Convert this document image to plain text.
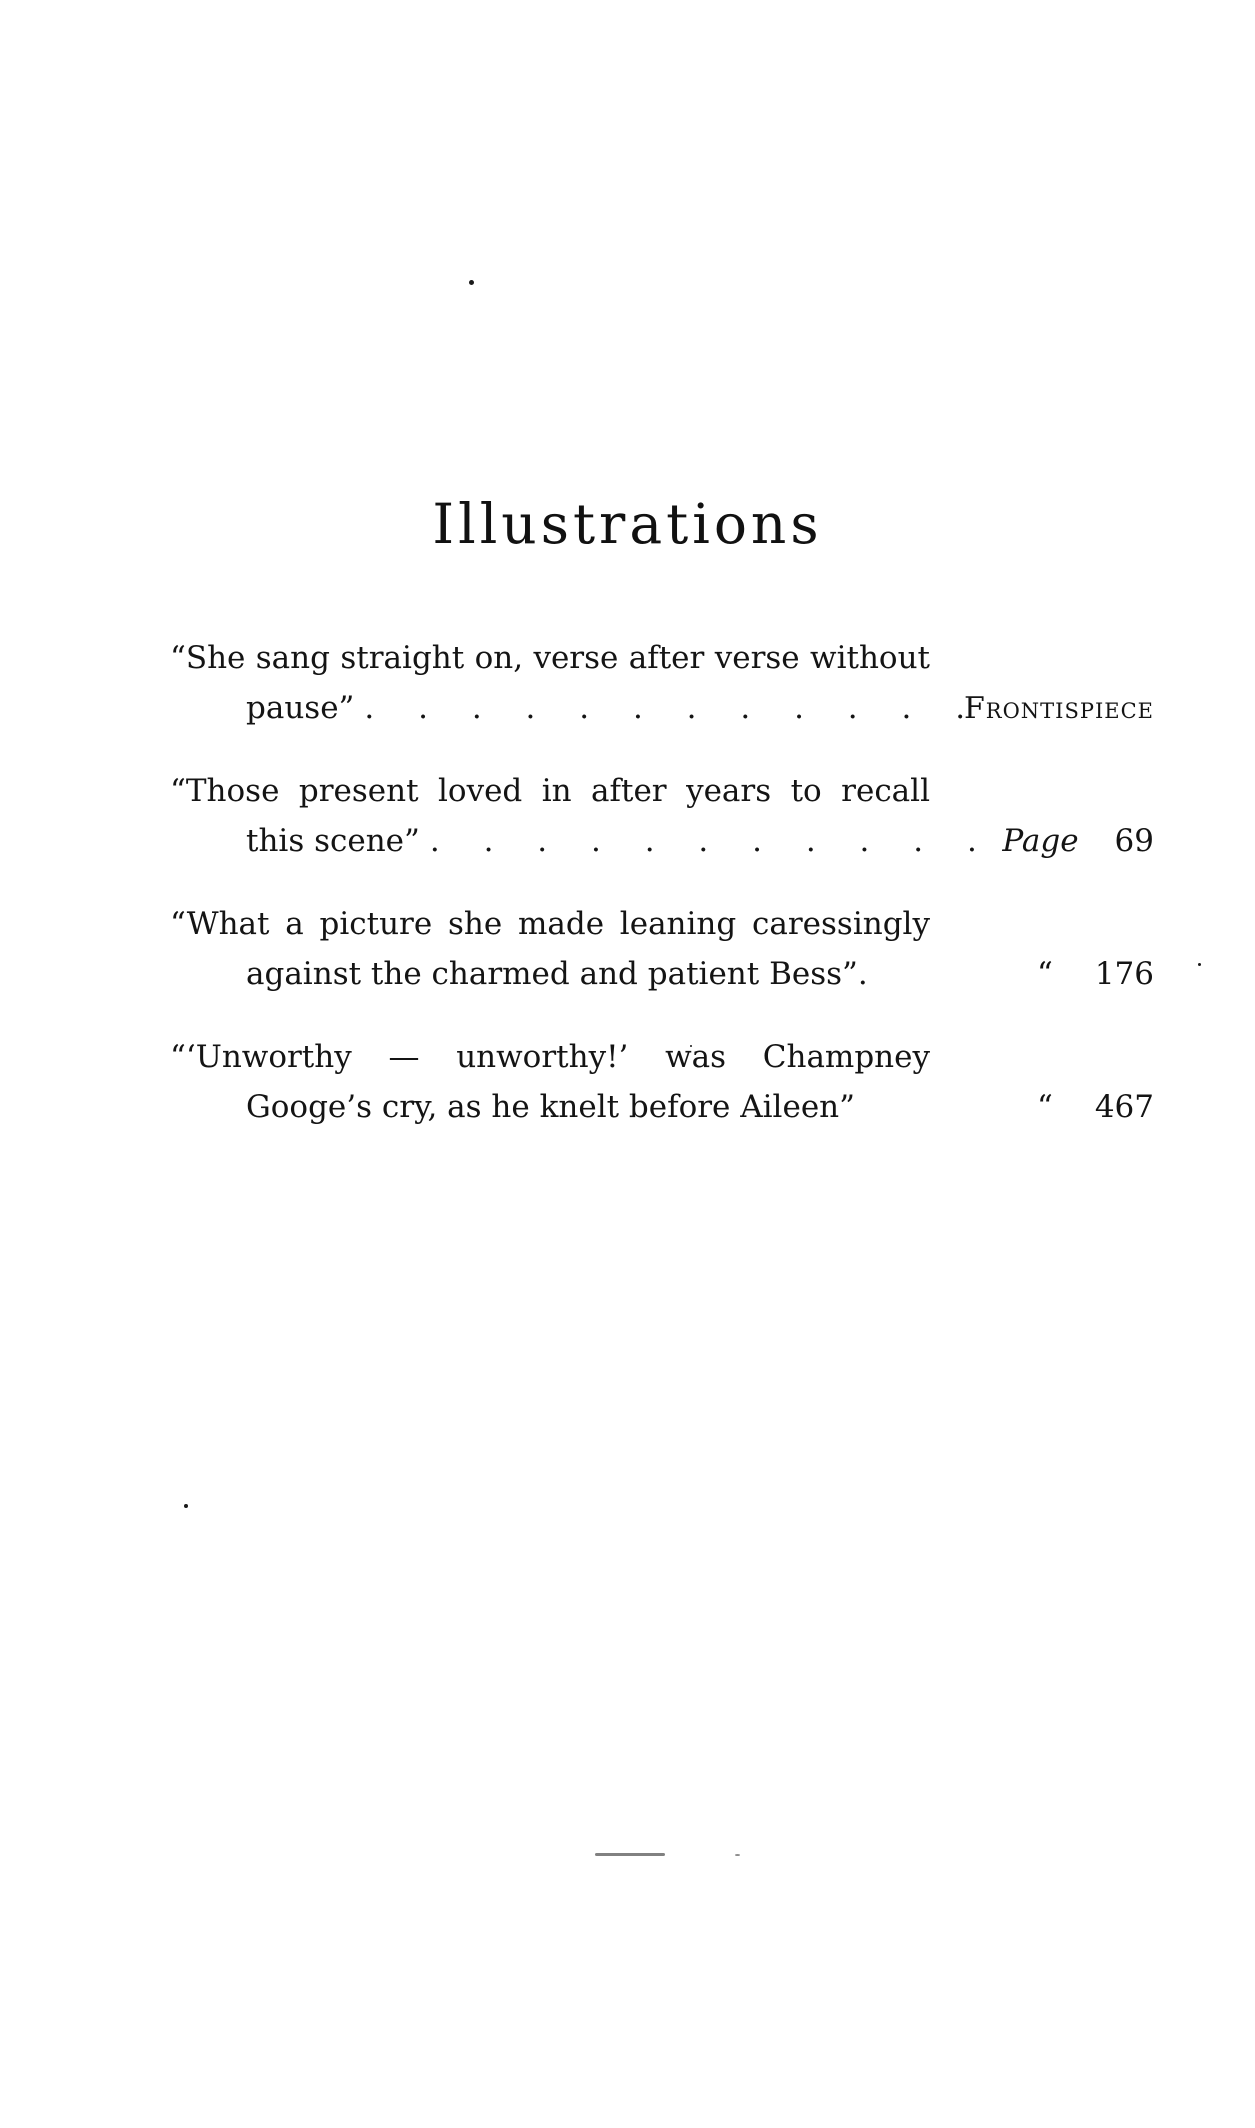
Illustrations
“She sang straight on, verse after verse without
pause” . . . . . . . . . . . .
Frontispiece
“Those present loved in after years to recall
this scene” . . . . . . . . . . . Page 69
“What a picture she made leaning caressingly
against the charmed and patient Bess”.	“ 176
“‘Unworthy — unworthy!’ was Champney
Googe’s cry, as he knelt before Aileen”	“ 467
